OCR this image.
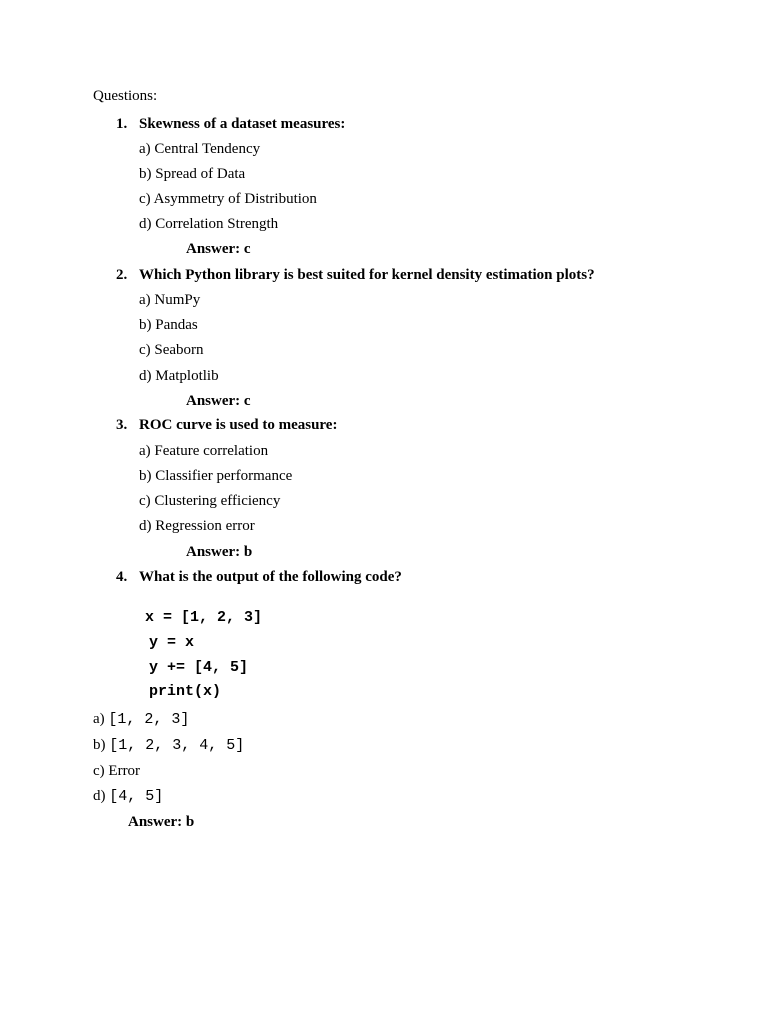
Questions:
1. Skewness of a dataset measures:
a) Central Tendency
b) Spread of Data
c) Asymmetry of Distribution
d) Correlation Strength
Answer: c
2. Which Python library is best suited for kernel density estimation plots?
a) NumPy
b) Pandas
c) Seaborn
d) Matplotlib
Answer: c
3. ROC curve is used to measure:
a) Feature correlation
b) Classifier performance
c) Clustering efficiency
d) Regression error
Answer: b
4. What is the output of the following code?
x = [1, 2, 3]
y = x
y += [4, 5]
print(x)
a) [1, 2, 3]
b) [1, 2, 3, 4, 5]
c) Error
d) [4, 5]
Answer: b
